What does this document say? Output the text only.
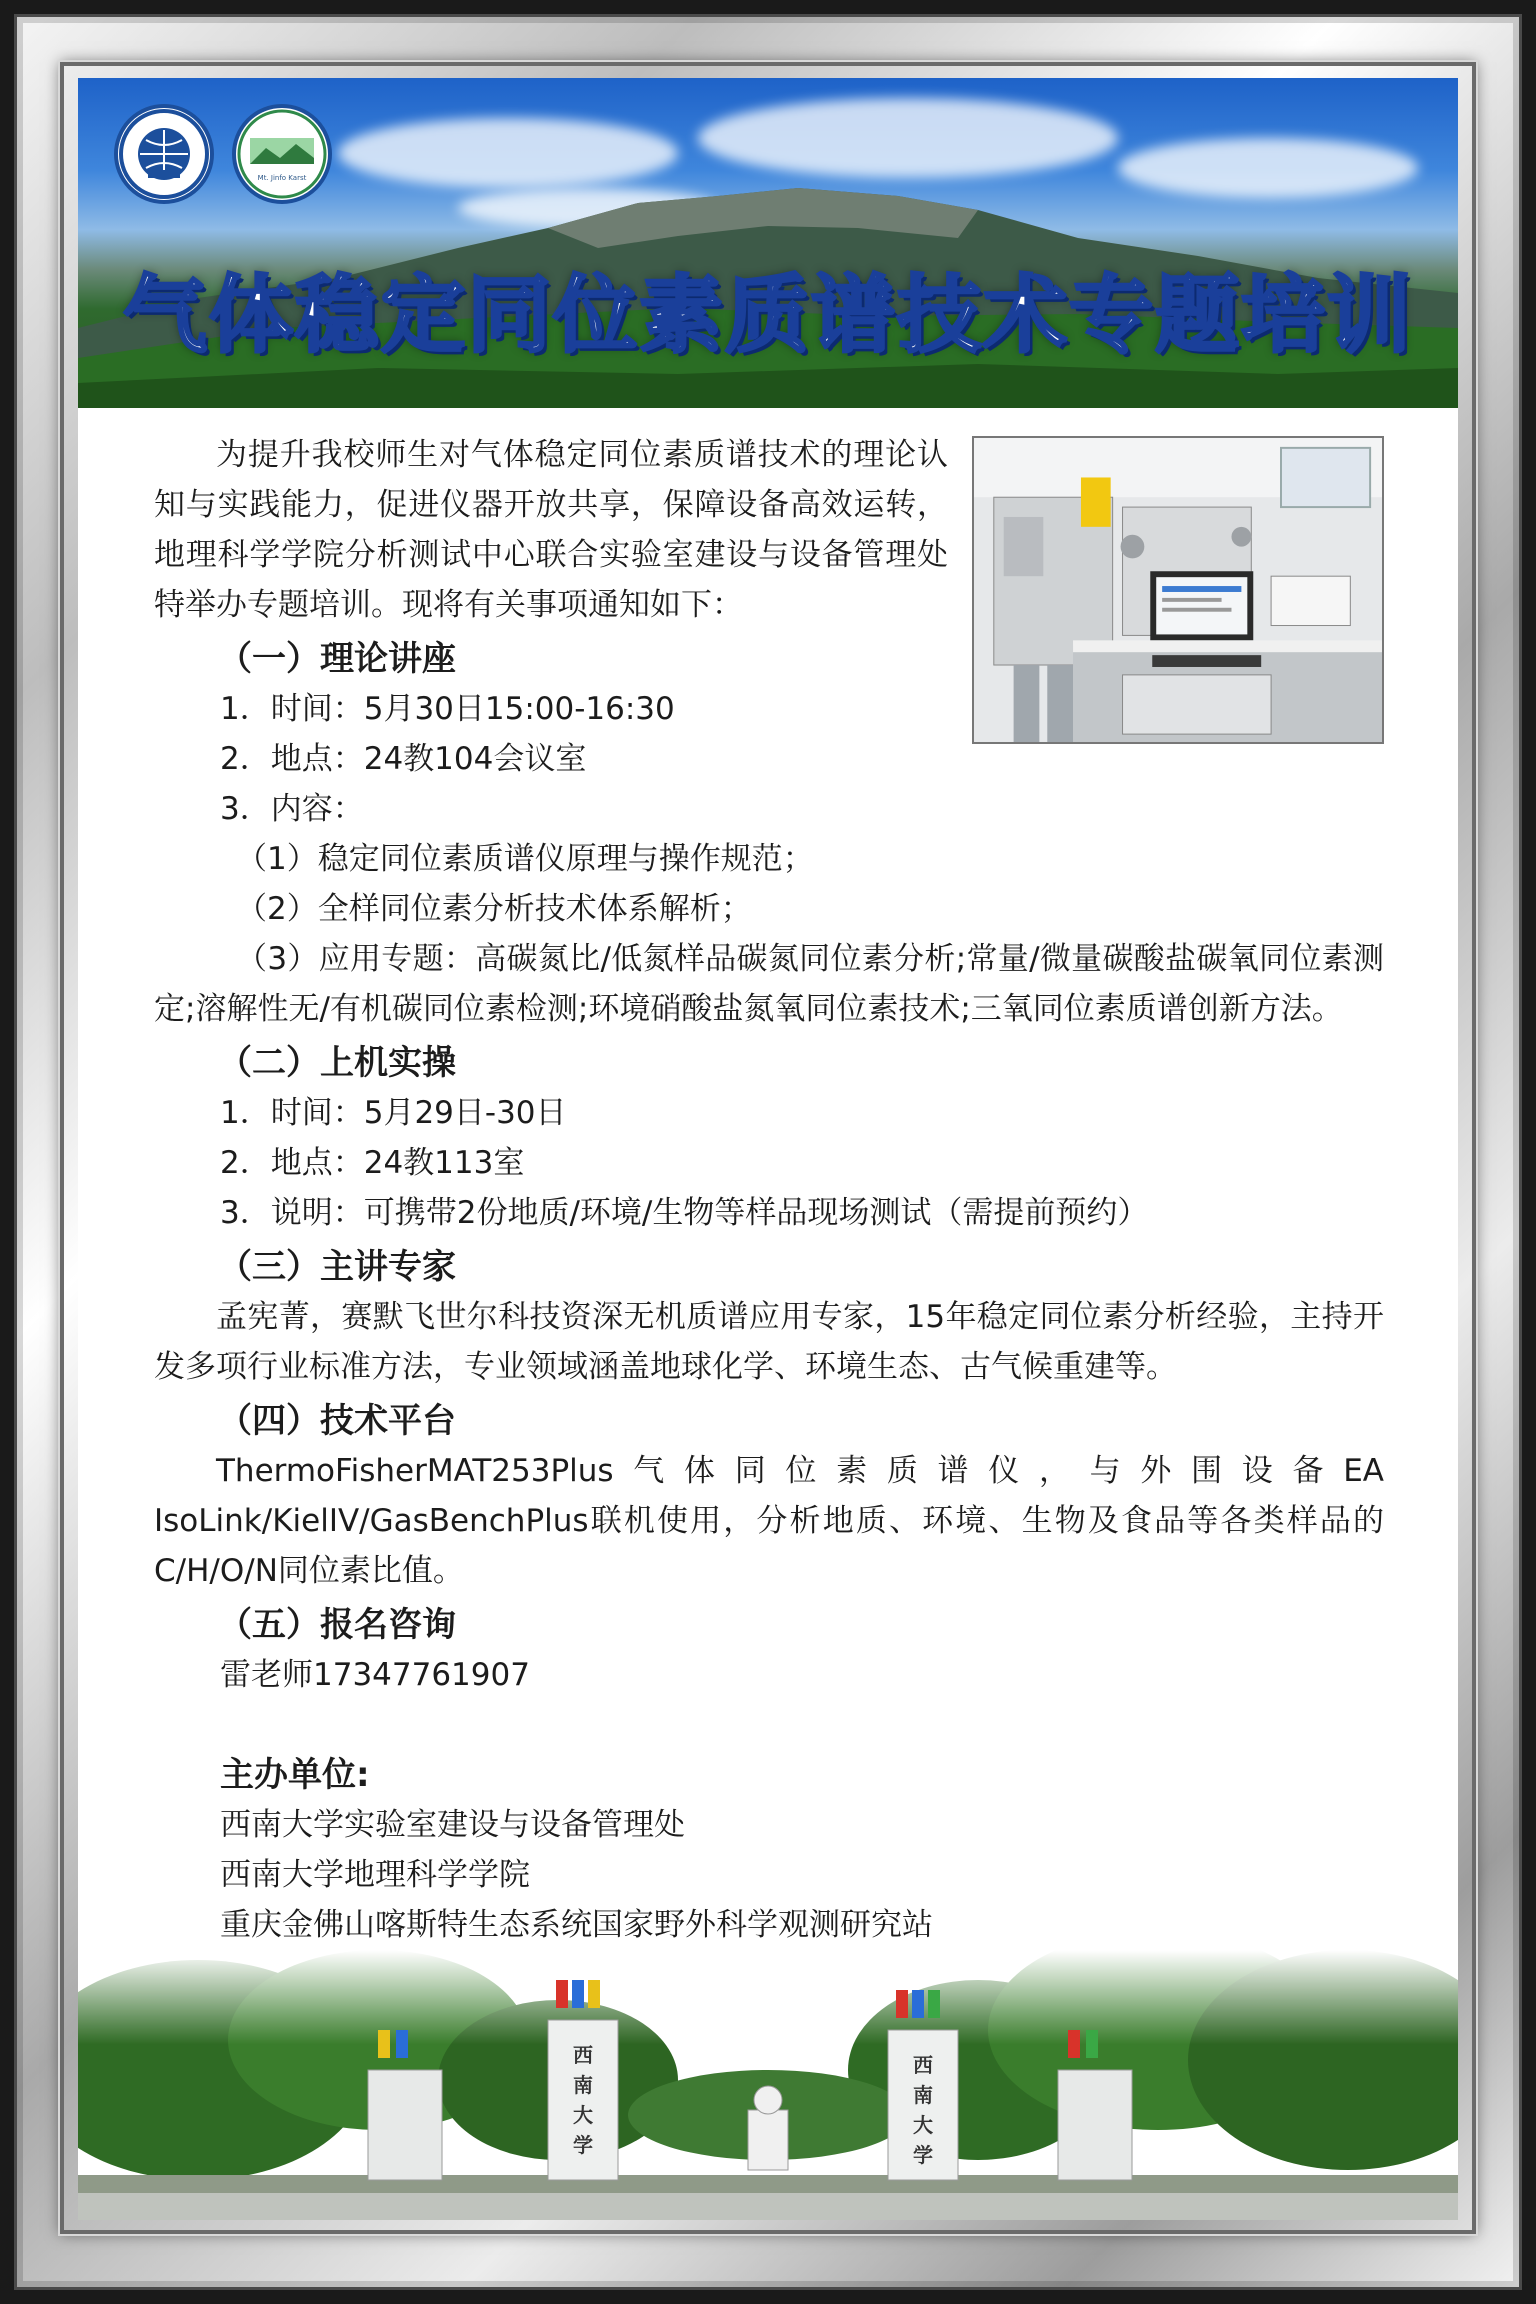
Mt. Jinfo Karst
气体稳定同位素质谱技术专题培训

为提升我校师生对气体稳定同位素质谱技术的理论认知与实践能力，促进仪器开放共享，保障设备高效运转，地理科学学院分析测试中心联合实验室建设与设备管理处特举办专题培训。现将有关事项通知如下：

（一）理论讲座
1．时间：5月30日15:00-16:30
2．地点：24教104会议室
3．内容：
（1）稳定同位素质谱仪原理与操作规范；
（2）全样同位素分析技术体系解析；

（3）应用专题：高碳氮比/低氮样品碳氮同位素分析;常量/微量碳酸盐碳氧同位素测定;溶解性无/有机碳同位素检测;环境硝酸盐氮氧同位素技术;三氧同位素质谱创新方法。

（二）上机实操
1．时间：5月29日-30日
2．地点：24教113室
3．说明：可携带2份地质/环境/生物等样品现场测试（需提前预约）
（三）主讲专家

孟宪菁，赛默飞世尔科技资深无机质谱应用专家，15年稳定同位素分析经验，主持开发多项行业标准方法，专业领域涵盖地球化学、环境生态、古气候重建等。

（四）技术平台

ThermoFisherMAT253Plus气体同位素质谱仪，与外围设备EA IsoLink/KielIV/GasBenchPlus联机使用，分析地质、环境、生物及食品等各类样品的C/H/O/N同位素比值。

（五）报名咨询
雷老师17347761907
主办单位:
西南大学实验室建设与设备管理处
西南大学地理科学学院
重庆金佛山喀斯特生态系统国家野外科学观测研究站
西
南
大
学
西
南
大
学
